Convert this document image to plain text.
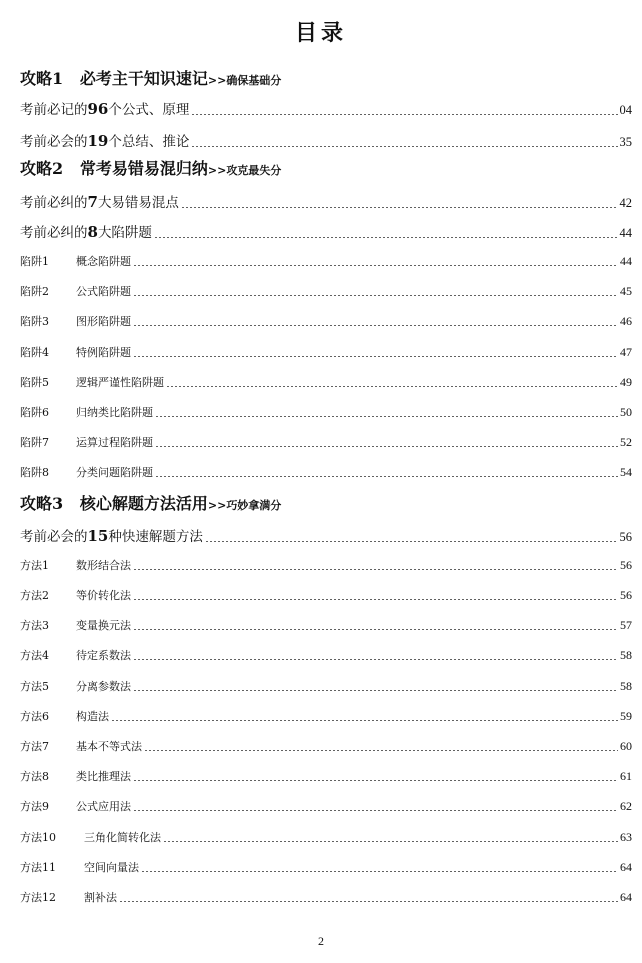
目录
攻略1
必考主干知识速记 >>确保基础分
考前必记的 96 个公式、原理	04
考前必会的 19 个总结、推论	35
攻略2
常考易错易混归纳 >>攻克最失分
考前必纠的 7 大易错易混点	42
考前必纠的 8 大陷阱题	44
陷阱1	概念陷阱题	44
陷阱2	公式陷阱题	45
陷阱3	图形陷阱题	46
陷阱4	特例陷阱题	47
陷阱5	逻辑严谨性陷阱题	49
陷阱6	归纳类比陷阱题	50
陷阱7	运算过程陷阱题	52
陷阱8	分类问题陷阱题	54
攻略3
核心解题方法活用 >>巧妙拿满分
考前必会的 15 种快速解题方法	56
方法1	数形结合法	56
方法2	等价转化法	56
方法3	变量换元法	57
方法4	待定系数法	58
方法5	分离参数法	58
方法6	构造法	59
方法7	基本不等式法	60
方法8	类比推理法	61
方法9	公式应用法	62
方法10	三角化简转化法	63
方法11	空间向量法	64
方法12	割补法	64
2
